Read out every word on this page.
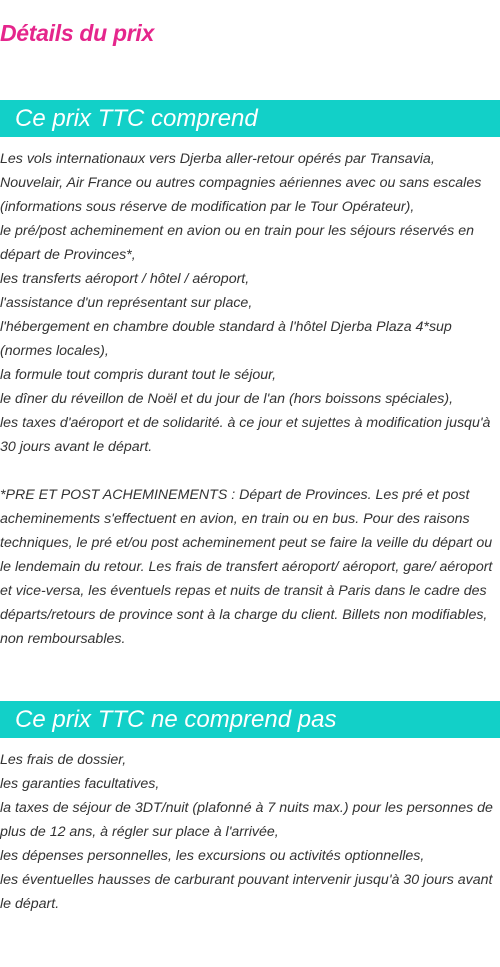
Détails du prix
Ce prix TTC comprend

Les vols internationaux vers Djerba aller-retour opérés par Transavia, Nouvelair, Air France ou autres compagnies aériennes avec ou sans escales (informations sous réserve de modification par le Tour Opérateur),

le pré/post acheminement en avion ou en train pour les séjours réservés en départ de Provinces*,

les transferts aéroport / hôtel / aéroport,

l'assistance d'un représentant sur place,

l'hébergement en chambre double standard à l'hôtel Djerba Plaza 4*sup (normes locales),

la formule tout compris durant tout le séjour,

le dîner du réveillon de Noël et du jour de l'an (hors boissons spéciales),

les taxes d'aéroport et de solidarité. à ce jour et sujettes à modification jusqu'à 30 jours avant le départ.

*PRE ET POST ACHEMINEMENTS : Départ de Provinces. Les pré et post acheminements s'effectuent en avion, en train ou en bus. Pour des raisons techniques, le pré et/ou post acheminement peut se faire la veille du départ ou le lendemain du retour. Les frais de transfert aéroport/ aéroport, gare/ aéroport et vice-versa, les éventuels repas et nuits de transit à Paris dans le cadre des départs/retours de province sont à la charge du client. Billets non modifiables, non remboursables.

Ce prix TTC ne comprend pas

Les frais de dossier,

les garanties facultatives,

la taxes de séjour de 3DT/nuit (plafonné à 7 nuits max.) pour les personnes de plus de 12 ans, à régler sur place à l'arrivée,

les dépenses personnelles, les excursions ou activités optionnelles,

les éventuelles hausses de carburant pouvant intervenir jusqu'à 30 jours avant le départ.
